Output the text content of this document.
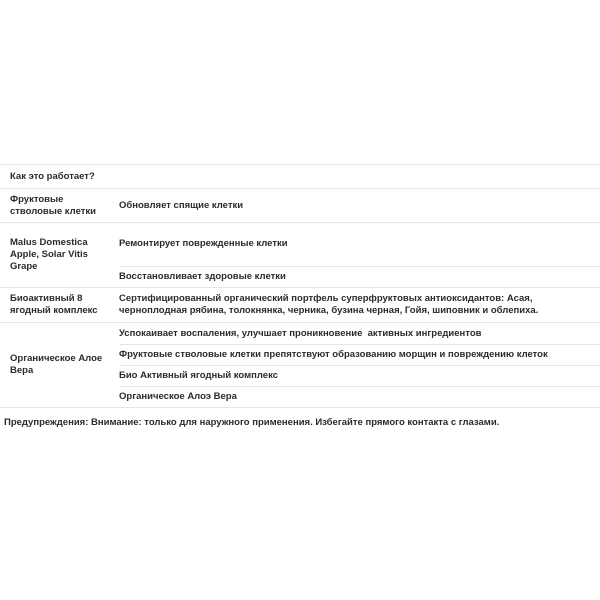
Как это работает?
Фруктовые стволовые клетки
Обновляет спящие клетки
Malus Domestica Apple, Solar Vitis Grape
Ремонтирует поврежденные клетки
Восстановливает здоровые клетки
Биоактивный 8 ягодный комплекс
Сертифицированный органический портфель суперфруктовых антиоксидантов: Асая, черноплодная рябина, толокнянка, черника, бузина черная, Гойя, шиповник и облепиха.
Органическое Алое Вера
Успокаивает воспаления, улучшает проникновение  активных ингредиентов
Фруктовые стволовые клетки препятствуют образованию морщин и повреждению клеток
Био Активный ягодный комплекс
Органическое Алоэ Вера
Предупреждения: Внимание: только для наружного применения. Избегайте прямого контакта с глазами.
